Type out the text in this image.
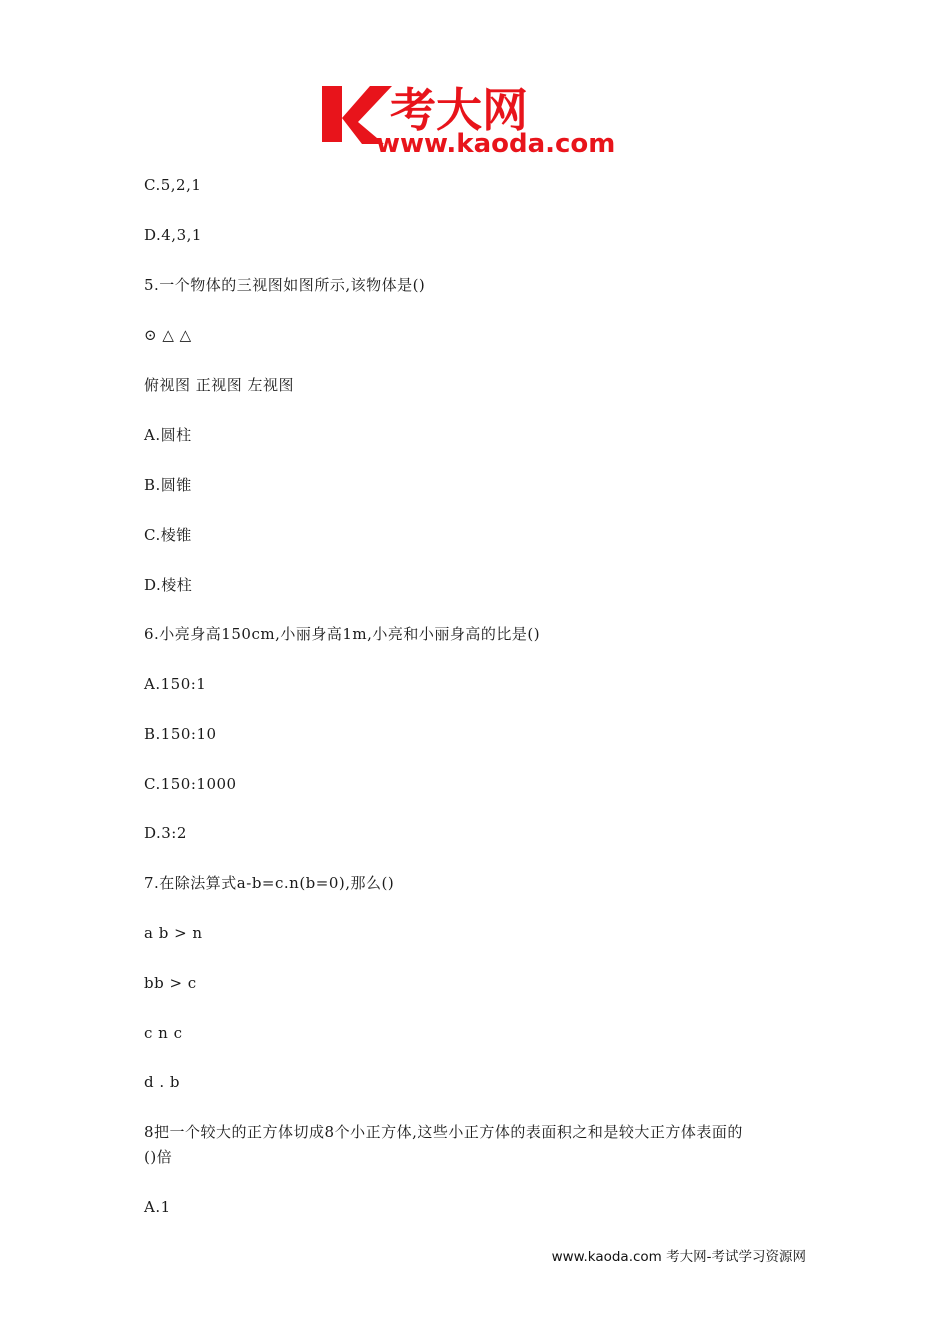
考大网
www.kaoda.com
C.5,2,1
D.4,3,1
5.一个物体的三视图如图所示,该物体是()
⊙ △ △
俯视图 正视图 左视图
A.圆柱
B.圆锥
C.棱锥
D.棱柱
6.小亮身高150cm,小丽身高1m,小亮和小丽身高的比是()
A.150:1
B.150:10
C.150:1000
D.3:2
7.在除法算式a-b=c.n(b=0),那么()
a b > n
bb > c
c n c
d . b
8把一个较大的正方体切成8个小正方体,这些小正方体的表面积之和是较大正方体表面的
()倍
A.1
www.kaoda.com 考大网-考试学习资源网
